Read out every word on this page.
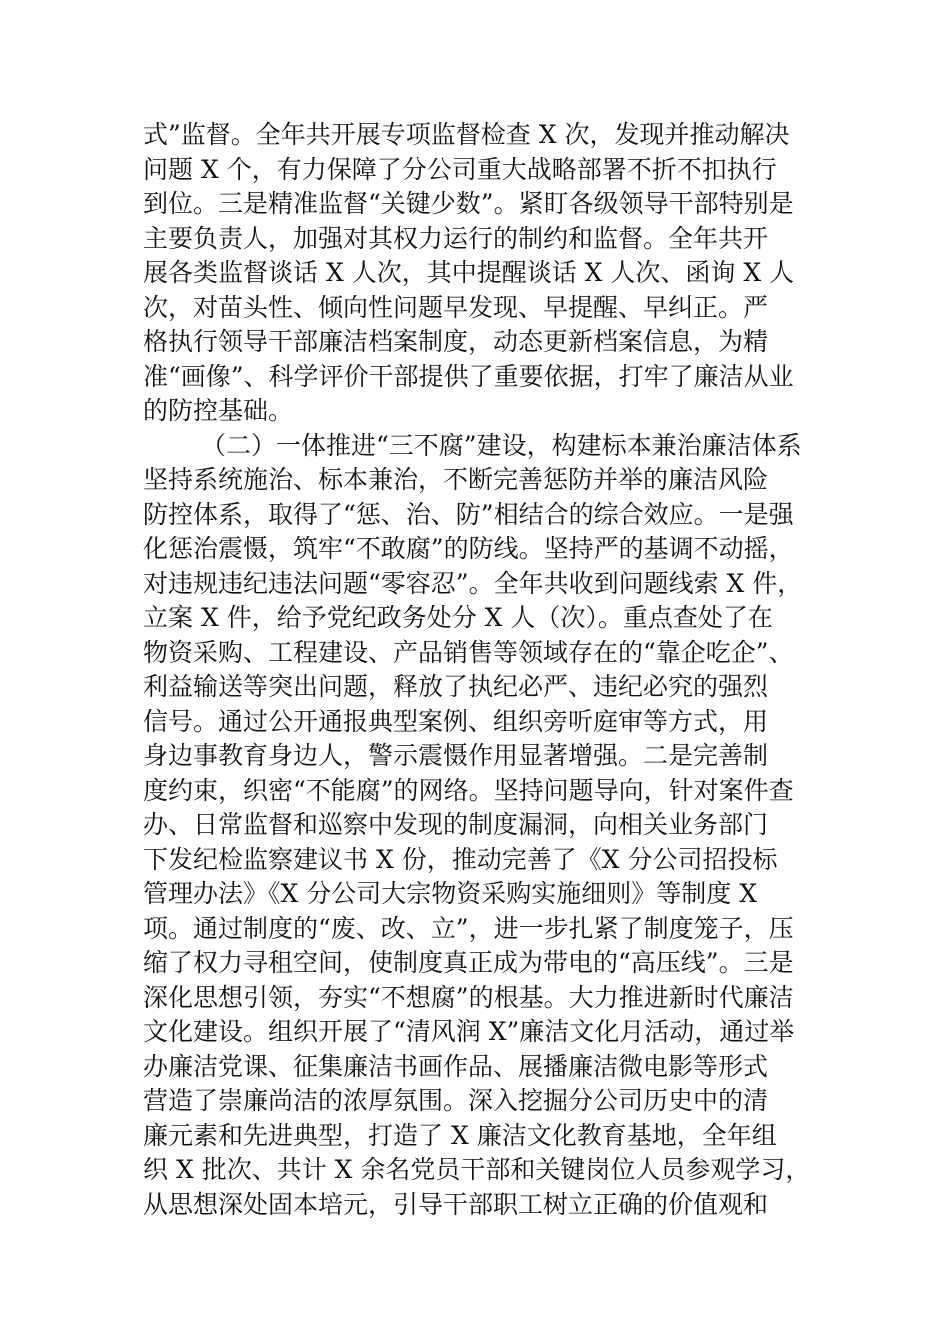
式”监督。全年共开展专项监督检查 X 次，发现并推动解决
问题 X 个，有力保障了分公司重大战略部署不折不扣执行
到位。三是精准监督“关键少数”。紧盯各级领导干部特别是
主要负责人，加强对其权力运行的制约和监督。全年共开
展各类监督谈话 X 人次，其中提醒谈话 X 人次、函询 X 人
次，对苗头性、倾向性问题早发现、早提醒、早纠正。严
格执行领导干部廉洁档案制度，动态更新档案信息，为精
准“画像”、科学评价干部提供了重要依据，打牢了廉洁从业
的防控基础。
（二）一体推进“三不腐”建设，构建标本兼治廉洁体系
坚持系统施治、标本兼治，不断完善惩防并举的廉洁风险
防控体系，取得了“惩、治、防”相结合的综合效应。一是强
化惩治震慑，筑牢“不敢腐”的防线。坚持严的基调不动摇，
对违规违纪违法问题“零容忍”。全年共收到问题线索 X 件，
立案 X 件，给予党纪政务处分 X 人（次）。重点查处了在
物资采购、工程建设、产品销售等领域存在的“靠企吃企”、
利益输送等突出问题，释放了执纪必严、违纪必究的强烈
信号。通过公开通报典型案例、组织旁听庭审等方式，用
身边事教育身边人，警示震慑作用显著增强。二是完善制
度约束，织密“不能腐”的网络。坚持问题导向，针对案件查
办、日常监督和巡察中发现的制度漏洞，向相关业务部门
下发纪检监察建议书 X 份，推动完善了《X 分公司招投标
管理办法》《X 分公司大宗物资采购实施细则》等制度 X
项。通过制度的“废、改、立”，进一步扎紧了制度笼子，压
缩了权力寻租空间，使制度真正成为带电的“高压线”。三是
深化思想引领，夯实“不想腐”的根基。大力推进新时代廉洁
文化建设。组织开展了“清风润 X”廉洁文化月活动，通过举
办廉洁党课、征集廉洁书画作品、展播廉洁微电影等形式
营造了崇廉尚洁的浓厚氛围。深入挖掘分公司历史中的清
廉元素和先进典型，打造了 X 廉洁文化教育基地，全年组
织 X 批次、共计 X 余名党员干部和关键岗位人员参观学习，
从思想深处固本培元，引导干部职工树立正确的价值观和
